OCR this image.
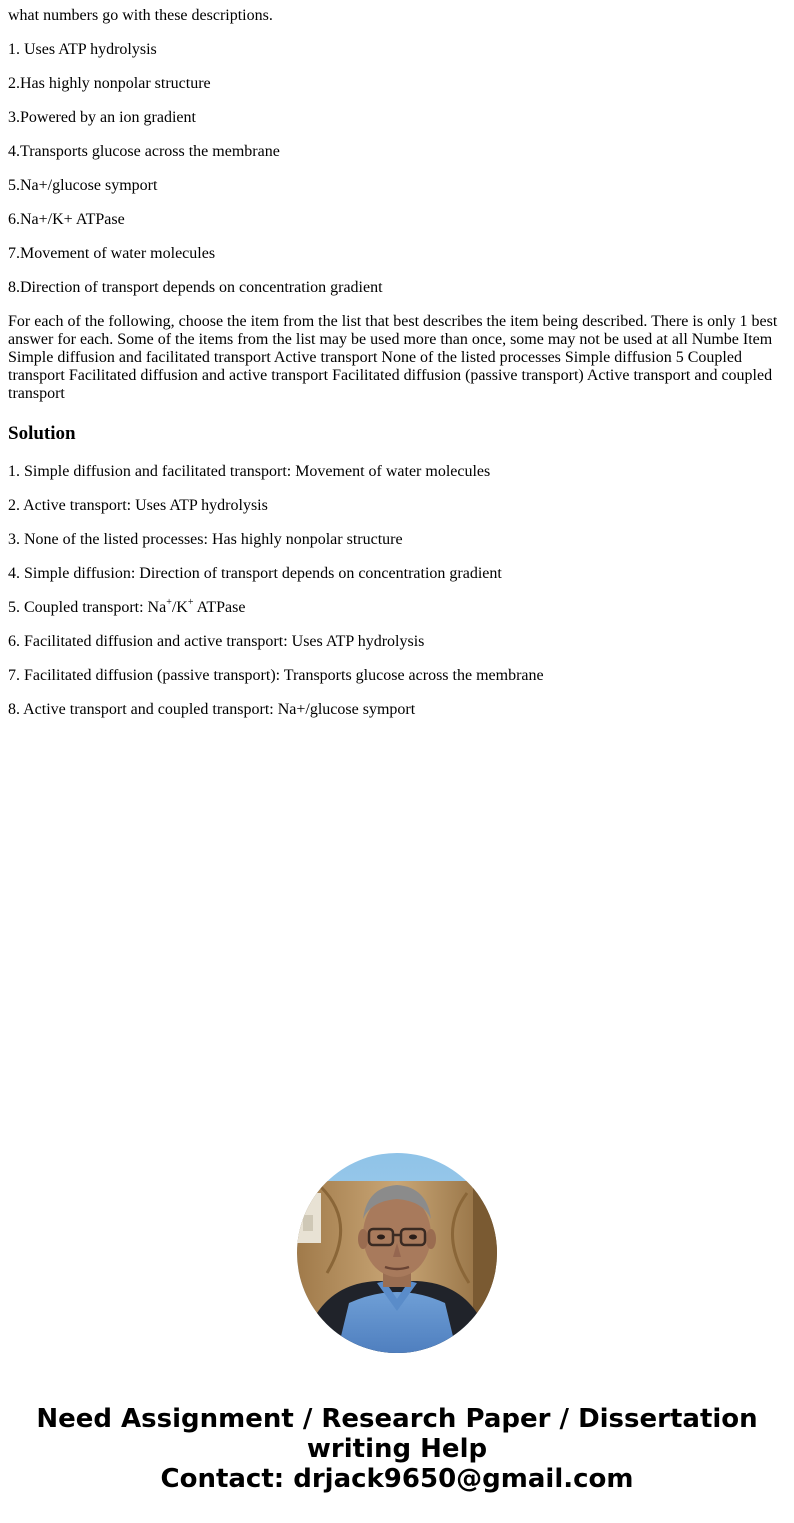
what numbers go with these descriptions.

1. Uses ATP hydrolysis

2.Has highly nonpolar structure

3.Powered by an ion gradient

4.Transports glucose across the membrane

5.Na+/glucose symport

6.Na+/K+ ATPase

7.Movement of water molecules

8.Direction of transport depends on concentration gradient

For each of the following, choose the item from the list that best describes the item being described. There is only 1 best answer for each. Some of the items from the list may be used more than once, some may not be used at all Numbe Item Simple diffusion and facilitated transport Active transport None of the listed processes Simple diffusion 5 Coupled transport Facilitated diffusion and active transport Facilitated diffusion (passive transport) Active transport and coupled transport

Solution

1. Simple diffusion and facilitated transport: Movement of water molecules

2. Active transport: Uses ATP hydrolysis

3. None of the listed processes: Has highly nonpolar structure

4. Simple diffusion: Direction of transport depends on concentration gradient

5. Coupled transport: Na+/K+ ATPase

6. Facilitated diffusion and active transport: Uses ATP hydrolysis

7. Facilitated diffusion (passive transport): Transports glucose across the membrane

8. Active transport and coupled transport: Na+/glucose symport

Need Assignment / Research Paper / Dissertation
writing Help
Contact: drjack9650@gmail.com
